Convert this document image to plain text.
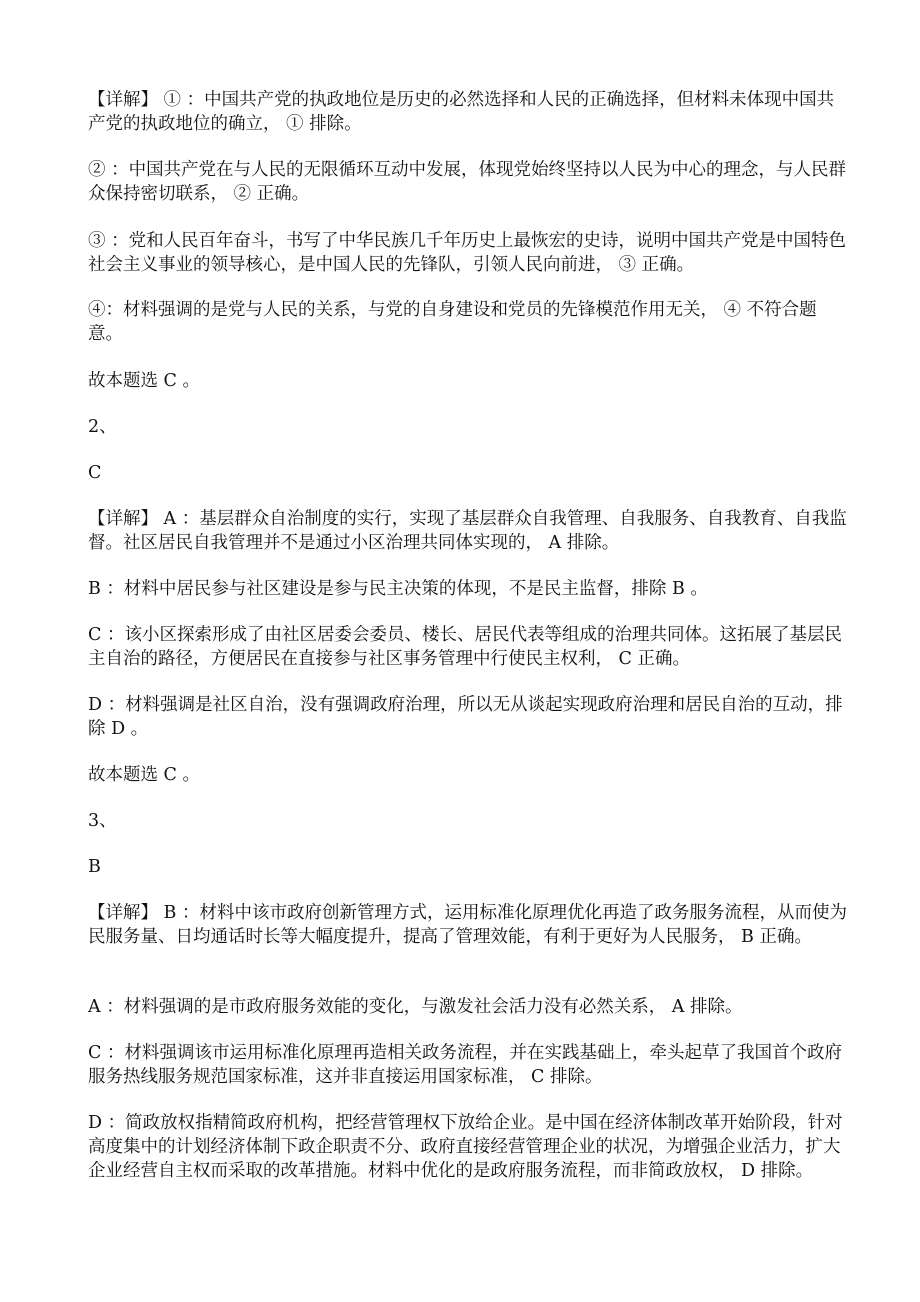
【详解】 ① ：中国共产党的执政地位是历史的必然选择和人民的正确选择，但材料未体现中国共产党的执政地位的确立， ① 排除。

② ：中国共产党在与人民的无限循环互动中发展，体现党始终坚持以人民为中心的理念，与人民群众保持密切联系， ② 正确。

③ ：党和人民百年奋斗，书写了中华民族几千年历史上最恢宏的史诗，说明中国共产党是中国特色社会主义事业的领导核心，是中国人民的先锋队，引领人民向前进， ③ 正确。

④：材料强调的是党与人民的关系，与党的自身建设和党员的先锋模范作用无关， ④ 不符合题意。

故本题选 C 。

2、

C

【详解】 A ：基层群众自治制度的实行，实现了基层群众自我管理、自我服务、自我教育、自我监督。社区居民自我管理并不是通过小区治理共同体实现的， A 排除。

B ：材料中居民参与社区建设是参与民主决策的体现，不是民主监督，排除 B 。

C ：该小区探索形成了由社区居委会委员、楼长、居民代表等组成的治理共同体。这拓展了基层民主自治的路径，方便居民在直接参与社区事务管理中行使民主权利， C 正确。

D ：材料强调是社区自治，没有强调政府治理，所以无从谈起实现政府治理和居民自治的互动，排除 D 。

故本题选 C 。

3、

B

【详解】 B ：材料中该市政府创新管理方式，运用标准化原理优化再造了政务服务流程，从而使为民服务量、日均通话时长等大幅度提升，提高了管理效能，有利于更好为人民服务， B 正确。

A ：材料强调的是市政府服务效能的变化，与激发社会活力没有必然关系， A 排除。

C ：材料强调该市运用标准化原理再造相关政务流程，并在实践基础上，牵头起草了我国首个政府服务热线服务规范国家标准，这并非直接运用国家标准， C 排除。

D ：简政放权指精简政府机构，把经营管理权下放给企业。是中国在经济体制改革开始阶段，针对高度集中的计划经济体制下政企职责不分、政府直接经营管理企业的状况，为增强企业活力，扩大企业经营自主权而采取的改革措施。材料中优化的是政府服务流程，而非简政放权， D 排除。
